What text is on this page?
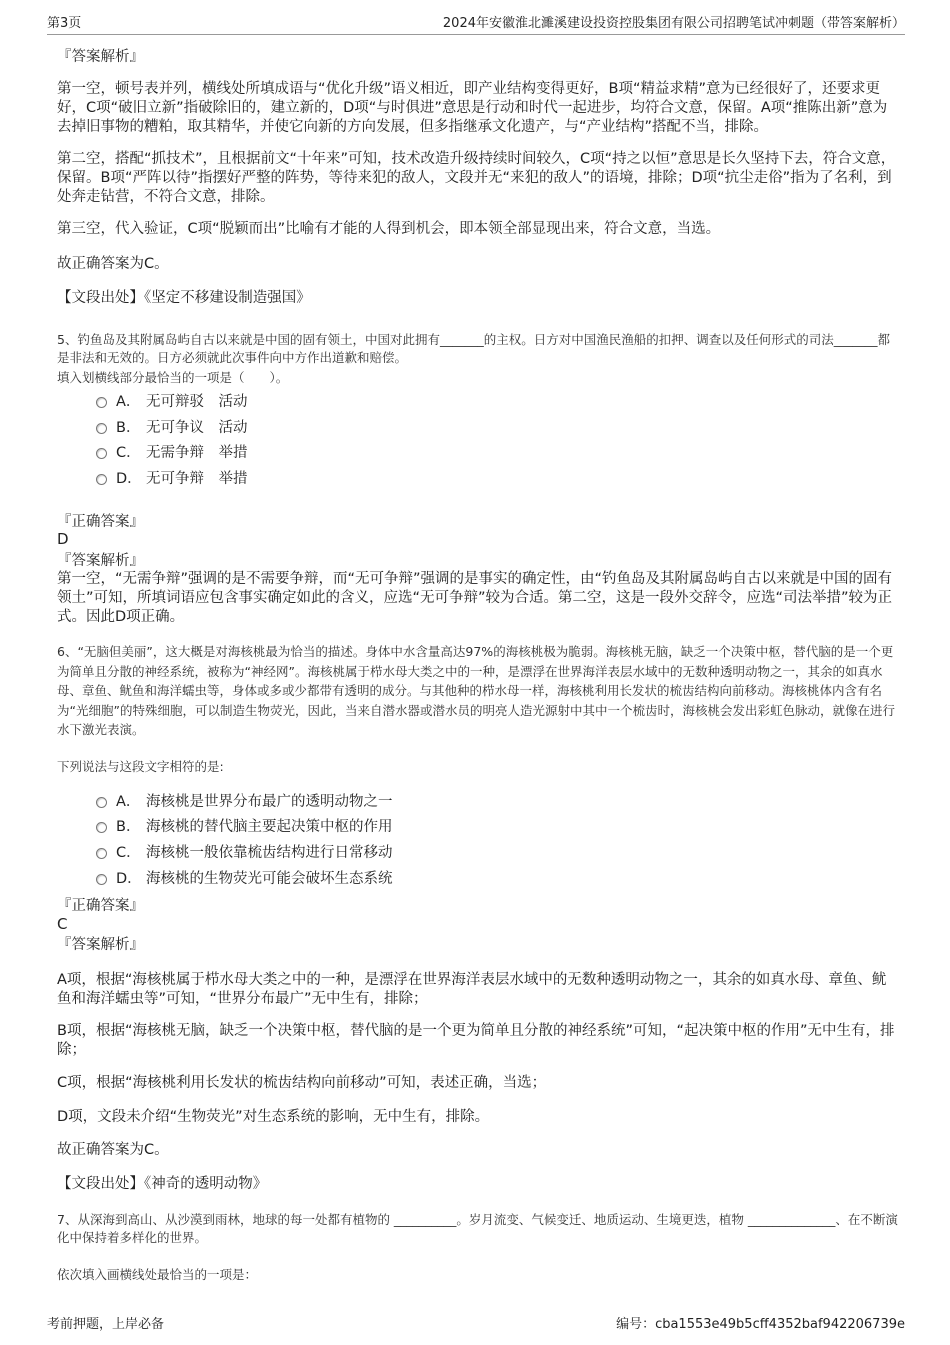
第3页	2024年安徽淮北濉溪建设投资控股集团有限公司招聘笔试冲刺题（带答案解析）
『答案解析』
第一空，顿号表并列，横线处所填成语与“优化升级”语义相近，即产业结构变得更好，B项“精益求精”意为已经很好了，还要求更好，C项“破旧立新”指破除旧的，建立新的，D项“与时俱进”意思是行动和时代一起进步，均符合文意，保留。A项“推陈出新”意为去掉旧事物的糟粕，取其精华，并使它向新的方向发展，但多指继承文化遗产，与“产业结构”搭配不当，排除。
第二空，搭配“抓技术”，且根据前文“十年来”可知，技术改造升级持续时间较久，C项“持之以恒”意思是长久坚持下去，符合文意，保留。B项“严阵以待”指摆好严整的阵势，等待来犯的敌人，文段并无“来犯的敌人”的语境，排除；D项“抗尘走俗”指为了名利，到处奔走钻营，不符合文意，排除。
第三空，代入验证，C项“脱颖而出”比喻有才能的人得到机会，即本领全部显现出来，符合文意，当选。
故正确答案为C。
【文段出处】《坚定不移建设制造强国》
5、钓鱼岛及其附属岛屿自古以来就是中国的固有领土，中国对此拥有_______的主权。日方对中国渔民渔船的扣押、调查以及任何形式的司法_______都是非法和无效的。日方必须就此次事件向中方作出道歉和赔偿。
填入划横线部分最恰当的一项是（　　）。
A． 无可辩驳　活动
B． 无可争议　活动
C． 无需争辩　举措
D． 无可争辩　举措
『正确答案』
D
『答案解析』
第一空，“无需争辩”强调的是不需要争辩，而“无可争辩”强调的是事实的确定性，由“钓鱼岛及其附属岛屿自古以来就是中国的固有领土”可知，所填词语应包含事实确定如此的含义，应选“无可争辩”较为合适。第二空，这是一段外交辞令，应选“司法举措”较为正式。因此D项正确。
6、“无脑但美丽”，这大概是对海核桃最为恰当的描述。身体中水含量高达97%的海核桃极为脆弱。海核桃无脑，缺乏一个决策中枢，替代脑的是一个更为简单且分散的神经系统，被称为“神经网”。海核桃属于栉水母大类之中的一种，是漂浮在世界海洋表层水域中的无数种透明动物之一，其余的如真水母、章鱼、鱿鱼和海洋蠕虫等，身体或多或少都带有透明的成分。与其他种的栉水母一样，海核桃利用长发状的梳齿结构向前移动。海核桃体内含有名为“光细胞”的特殊细胞，可以制造生物荧光，因此，当来自潜水器或潜水员的明亮人造光源射中其中一个梳齿时，海核桃会发出彩虹色脉动，就像在进行水下激光表演。
下列说法与这段文字相符的是:
A． 海核桃是世界分布最广的透明动物之一
B． 海核桃的替代脑主要起决策中枢的作用
C． 海核桃一般依靠梳齿结构进行日常移动
D． 海核桃的生物荧光可能会破坏生态系统
『正确答案』
C
『答案解析』
A项，根据“海核桃属于栉水母大类之中的一种，是漂浮在世界海洋表层水域中的无数种透明动物之一，其余的如真水母、章鱼、鱿鱼和海洋蠕虫等”可知，“世界分布最广”无中生有，排除；
B项，根据“海核桃无脑，缺乏一个决策中枢，替代脑的是一个更为简单且分散的神经系统”可知，“起决策中枢的作用”无中生有，排除；
C项，根据“海核桃利用长发状的梳齿结构向前移动”可知，表述正确，当选；
D项，文段未介绍“生物荧光”对生态系统的影响，无中生有，排除。
故正确答案为C。
【文段出处】《神奇的透明动物》
7、从深海到高山、从沙漠到雨林，地球的每一处都有植物的 __________。岁月流变、气候变迁、地质运动、生境更迭，植物 ______________、在不断演化中保持着多样化的世界。
依次填入画横线处最恰当的一项是：
考前押题，上岸必备	编号：cba1553e49b5cff4352baf942206739e
